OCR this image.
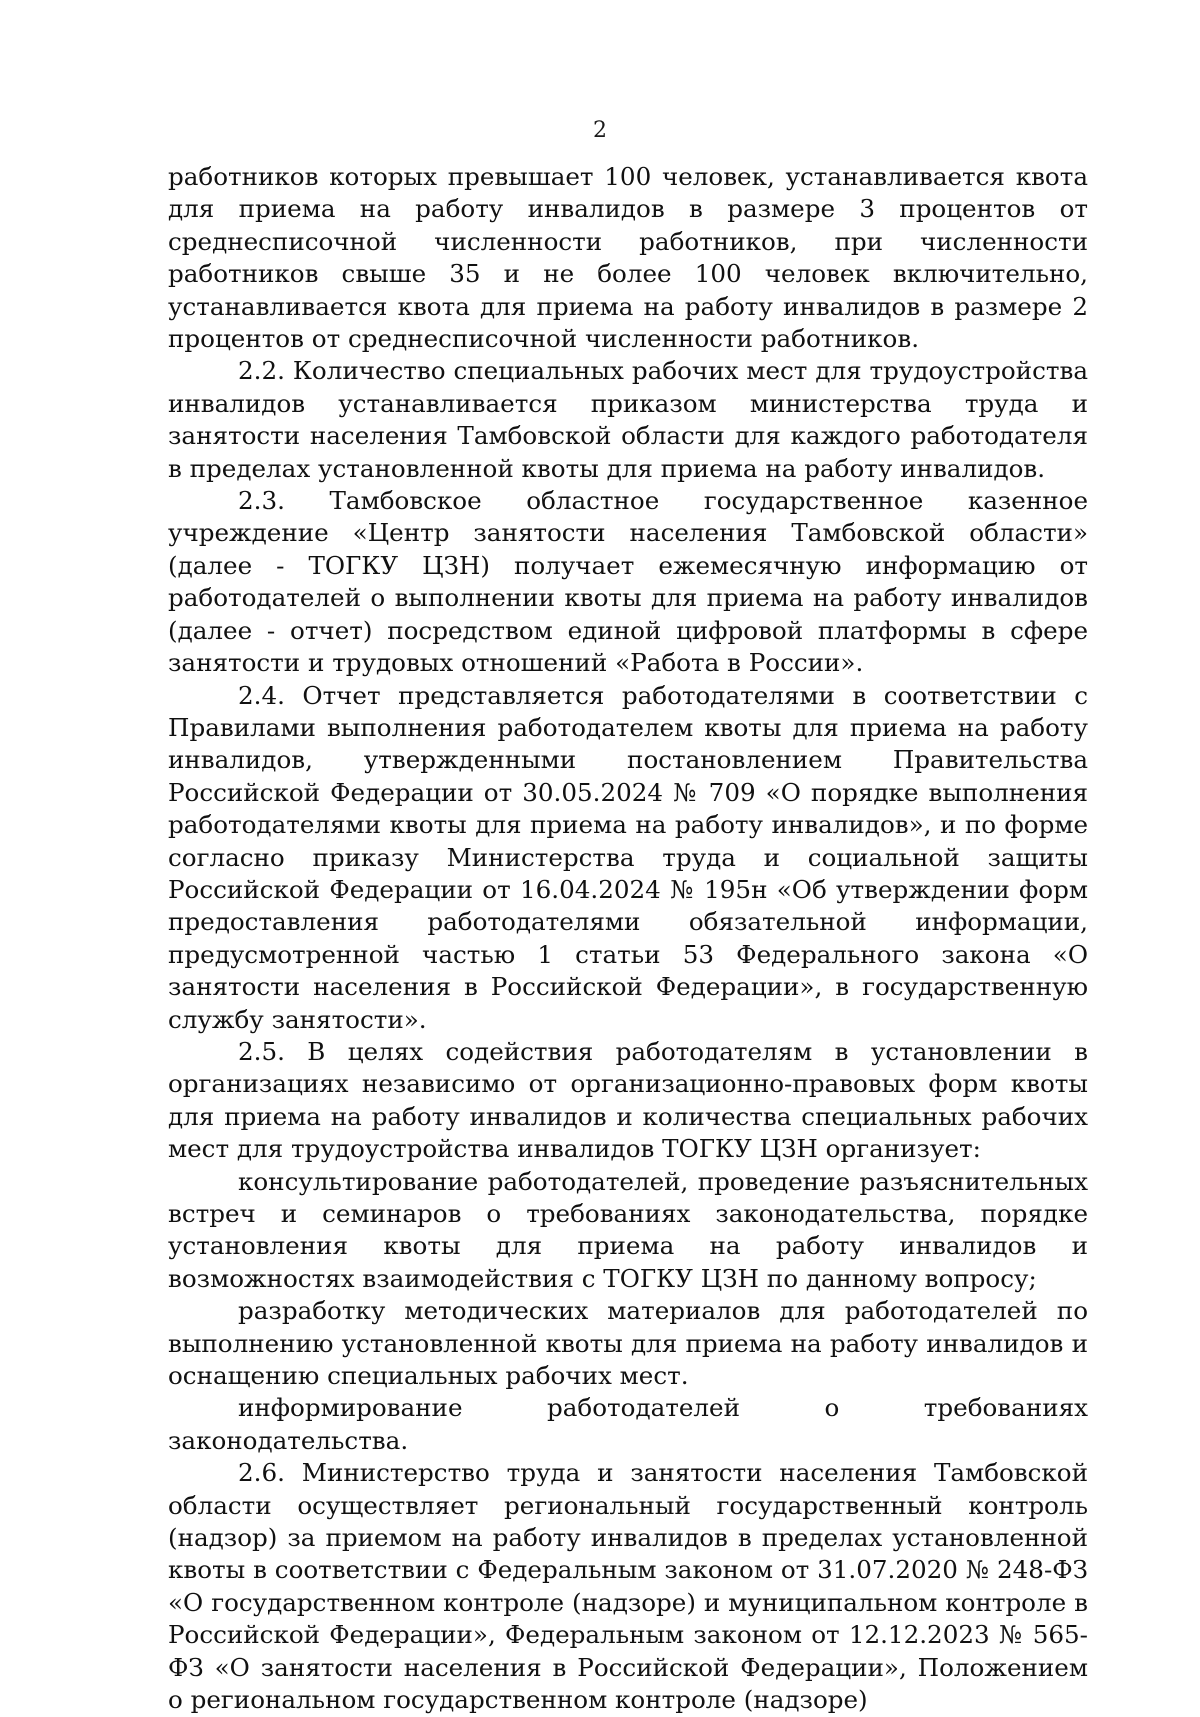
2

работников которых превышает 100 человек, устанавливается квота для приема на работу инвалидов в размере 3 процентов от среднесписочной численности работников, при численности работников свыше 35 и не более 100 человек включительно, устанавливается квота для приема на работу инвалидов в размере 2 процентов от среднесписочной численности работников.

2.2. Количество специальных рабочих мест для трудоустройства инвалидов устанавливается приказом министерства труда и занятости населения Тамбовской области для каждого работодателя в пределах установленной квоты для приема на работу инвалидов.

2.3. Тамбовское областное государственное казенное учреждение «Центр занятости населения Тамбовской области» (далее - ТОГКУ ЦЗН) получает ежемесячную информацию от работодателей о выполнении квоты для приема на работу инвалидов (далее - отчет) посредством единой цифровой платформы в сфере занятости и трудовых отношений «Работа в России».

2.4. Отчет представляется работодателями в соответствии с Правилами выполнения работодателем квоты для приема на работу инвалидов, утвержденными постановлением Правительства Российской Федерации от 30.05.2024 № 709 «О порядке выполнения работодателями квоты для приема на работу инвалидов», и по форме согласно приказу Министерства труда и социальной защиты Российской Федерации от 16.04.2024 № 195н «Об утверждении форм предоставления работодателями обязательной информации, предусмотренной частью 1 статьи 53 Федерального закона «О занятости населения в Российской Федерации», в государственную службу занятости».

2.5. В целях содействия работодателям в установлении в организациях независимо от организационно-правовых форм квоты для приема на работу инвалидов и количества специальных рабочих мест для трудоустройства инвалидов ТОГКУ ЦЗН организует:

консультирование работодателей, проведение разъяснительных встреч и семинаров о требованиях законодательства, порядке установления квоты для приема на работу инвалидов и возможностях взаимодействия с ТОГКУ ЦЗН по данному вопросу;

разработку методических материалов для работодателей по выполнению установленной квоты для приема на работу инвалидов и оснащению специальных рабочих мест.

информирование работодателей о требованиях законодательства.

2.6. Министерство труда и занятости населения Тамбовской области осуществляет региональный государственный контроль (надзор) за приемом на работу инвалидов в пределах установленной квоты в соответствии с Федеральным законом от 31.07.2020 № 248-ФЗ «О государственном контроле (надзоре) и муниципальном контроле в Российской Федерации», Федеральным законом от 12.12.2023 № 565-ФЗ «О занятости населения в Российской Федерации», Положением о региональном государственном контроле (надзоре)
